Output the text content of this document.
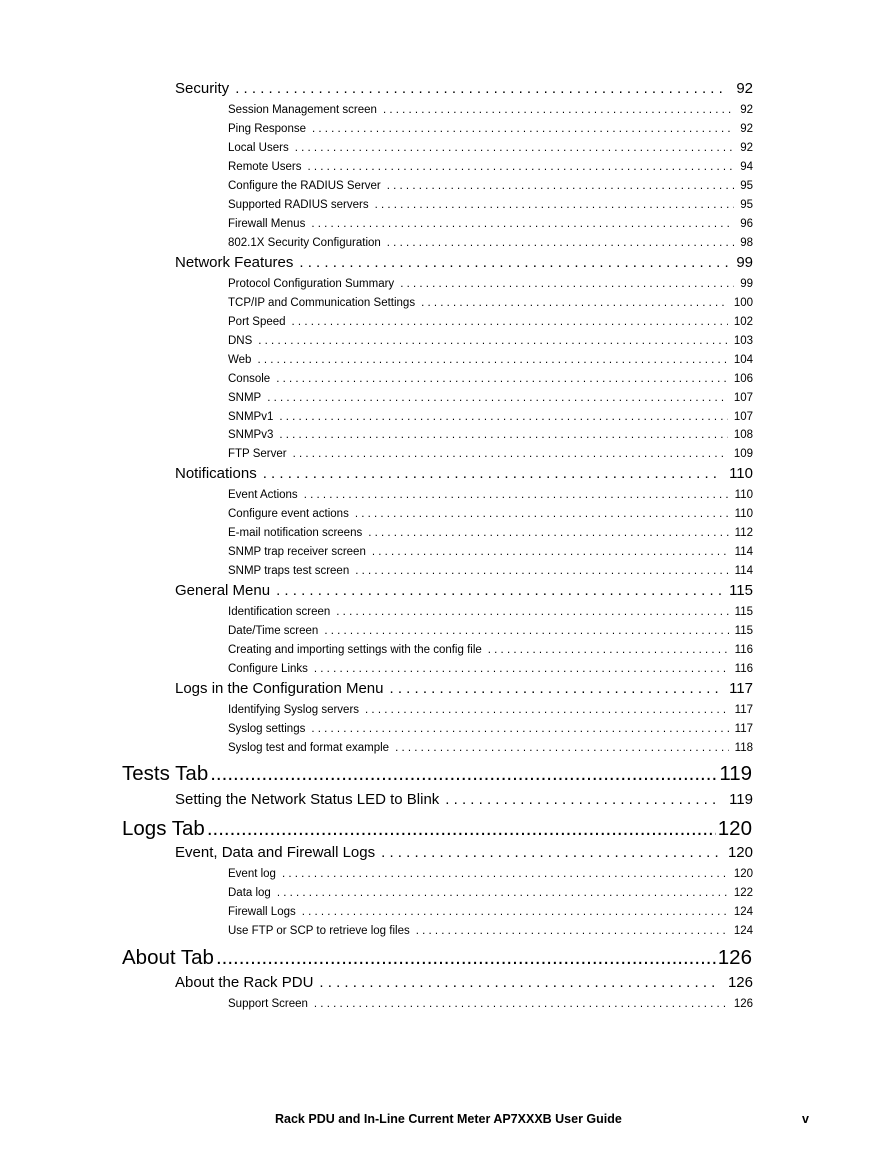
Security . . .	92
Session Management screen . . .	92
Ping Response . . .	92
Local Users . . .	92
Remote Users . . .	94
Configure the RADIUS Server . . .	95
Supported RADIUS servers . . .	95
Firewall Menus . . .	96
802.1X Security Configuration . . .	98
Network Features . . .	99
Protocol Configuration Summary . . .	99
TCP/IP and Communication Settings . . .	100
Port Speed . . .	102
DNS . . .	103
Web . . .	104
Console . . .	106
SNMP . . .	107
SNMPv1 . . .	107
SNMPv3 . . .	108
FTP Server . . .	109
Notifications . . .	110
Event Actions . . .	110
Configure event actions . . .	110
E-mail notification screens . . .	112
SNMP trap receiver screen . . .	114
SNMP traps test screen . . .	114
General Menu . . .	115
Identification screen . . .	115
Date/Time screen . . .	115
Creating and importing settings with the config file . . .	116
Configure Links . . .	116
Logs in the Configuration Menu . . .	117
Identifying Syslog servers . . .	117
Syslog settings . . .	117
Syslog test and format example . . .	118
Tests Tab .....	119
Setting the Network Status LED to Blink . . .	119
Logs Tab .....	120
Event, Data and Firewall Logs . . .	120
Event log . . .	120
Data log . . .	122
Firewall Logs . . .	124
Use FTP or SCP to retrieve log files . . .	124
About Tab .....	126
About the Rack PDU . . .	126
Support Screen . . .	126
Rack PDU and In-Line Current Meter AP7XXXB User Guide	v
